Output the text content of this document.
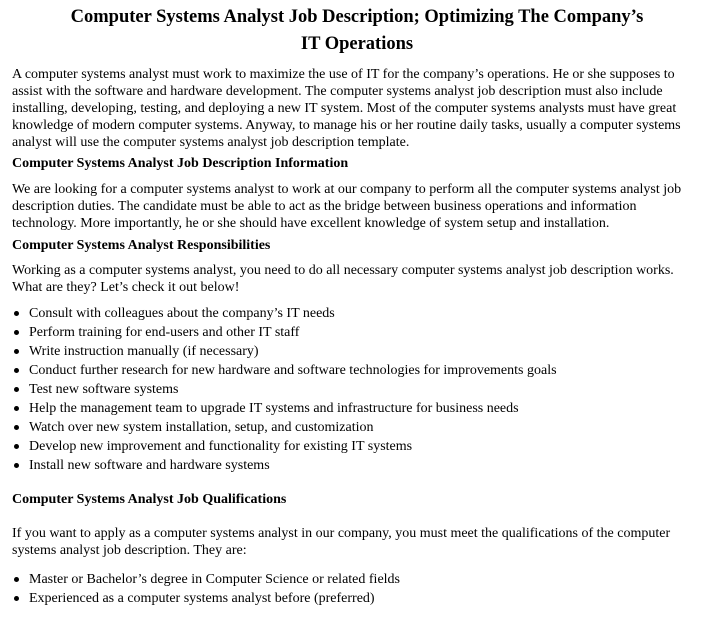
Computer Systems Analyst Job Description; Optimizing The Company’s IT Operations

A computer systems analyst must work to maximize the use of IT for the company’s operations. He or she supposes to assist with the software and hardware development. The computer systems analyst job description must also include installing, developing, testing, and deploying a new IT system. Most of the computer systems analysts must have great knowledge of modern computer systems. Anyway, to manage his or her routine daily tasks, usually a computer systems analyst will use the computer systems analyst job description template.

Computer Systems Analyst Job Description Information

We are looking for a computer systems analyst to work at our company to perform all the computer systems analyst job description duties. The candidate must be able to act as the bridge between business operations and information technology. More importantly, he or she should have excellent knowledge of system setup and installation.

Computer Systems Analyst Responsibilities

Working as a computer systems analyst, you need to do all necessary computer systems analyst job description works. What are they? Let’s check it out below!

Consult with colleagues about the company’s IT needs
Perform training for end-users and other IT staff
Write instruction manually (if necessary)
Conduct further research for new hardware and software technologies for improvements goals
Test new software systems
Help the management team to upgrade IT systems and infrastructure for business needs
Watch over new system installation, setup, and customization
Develop new improvement and functionality for existing IT systems
Install new software and hardware systems
Computer Systems Analyst Job Qualifications

If you want to apply as a computer systems analyst in our company, you must meet the qualifications of the computer systems analyst job description. They are:

Master or Bachelor’s degree in Computer Science or related fields
Experienced as a computer systems analyst before (preferred)
